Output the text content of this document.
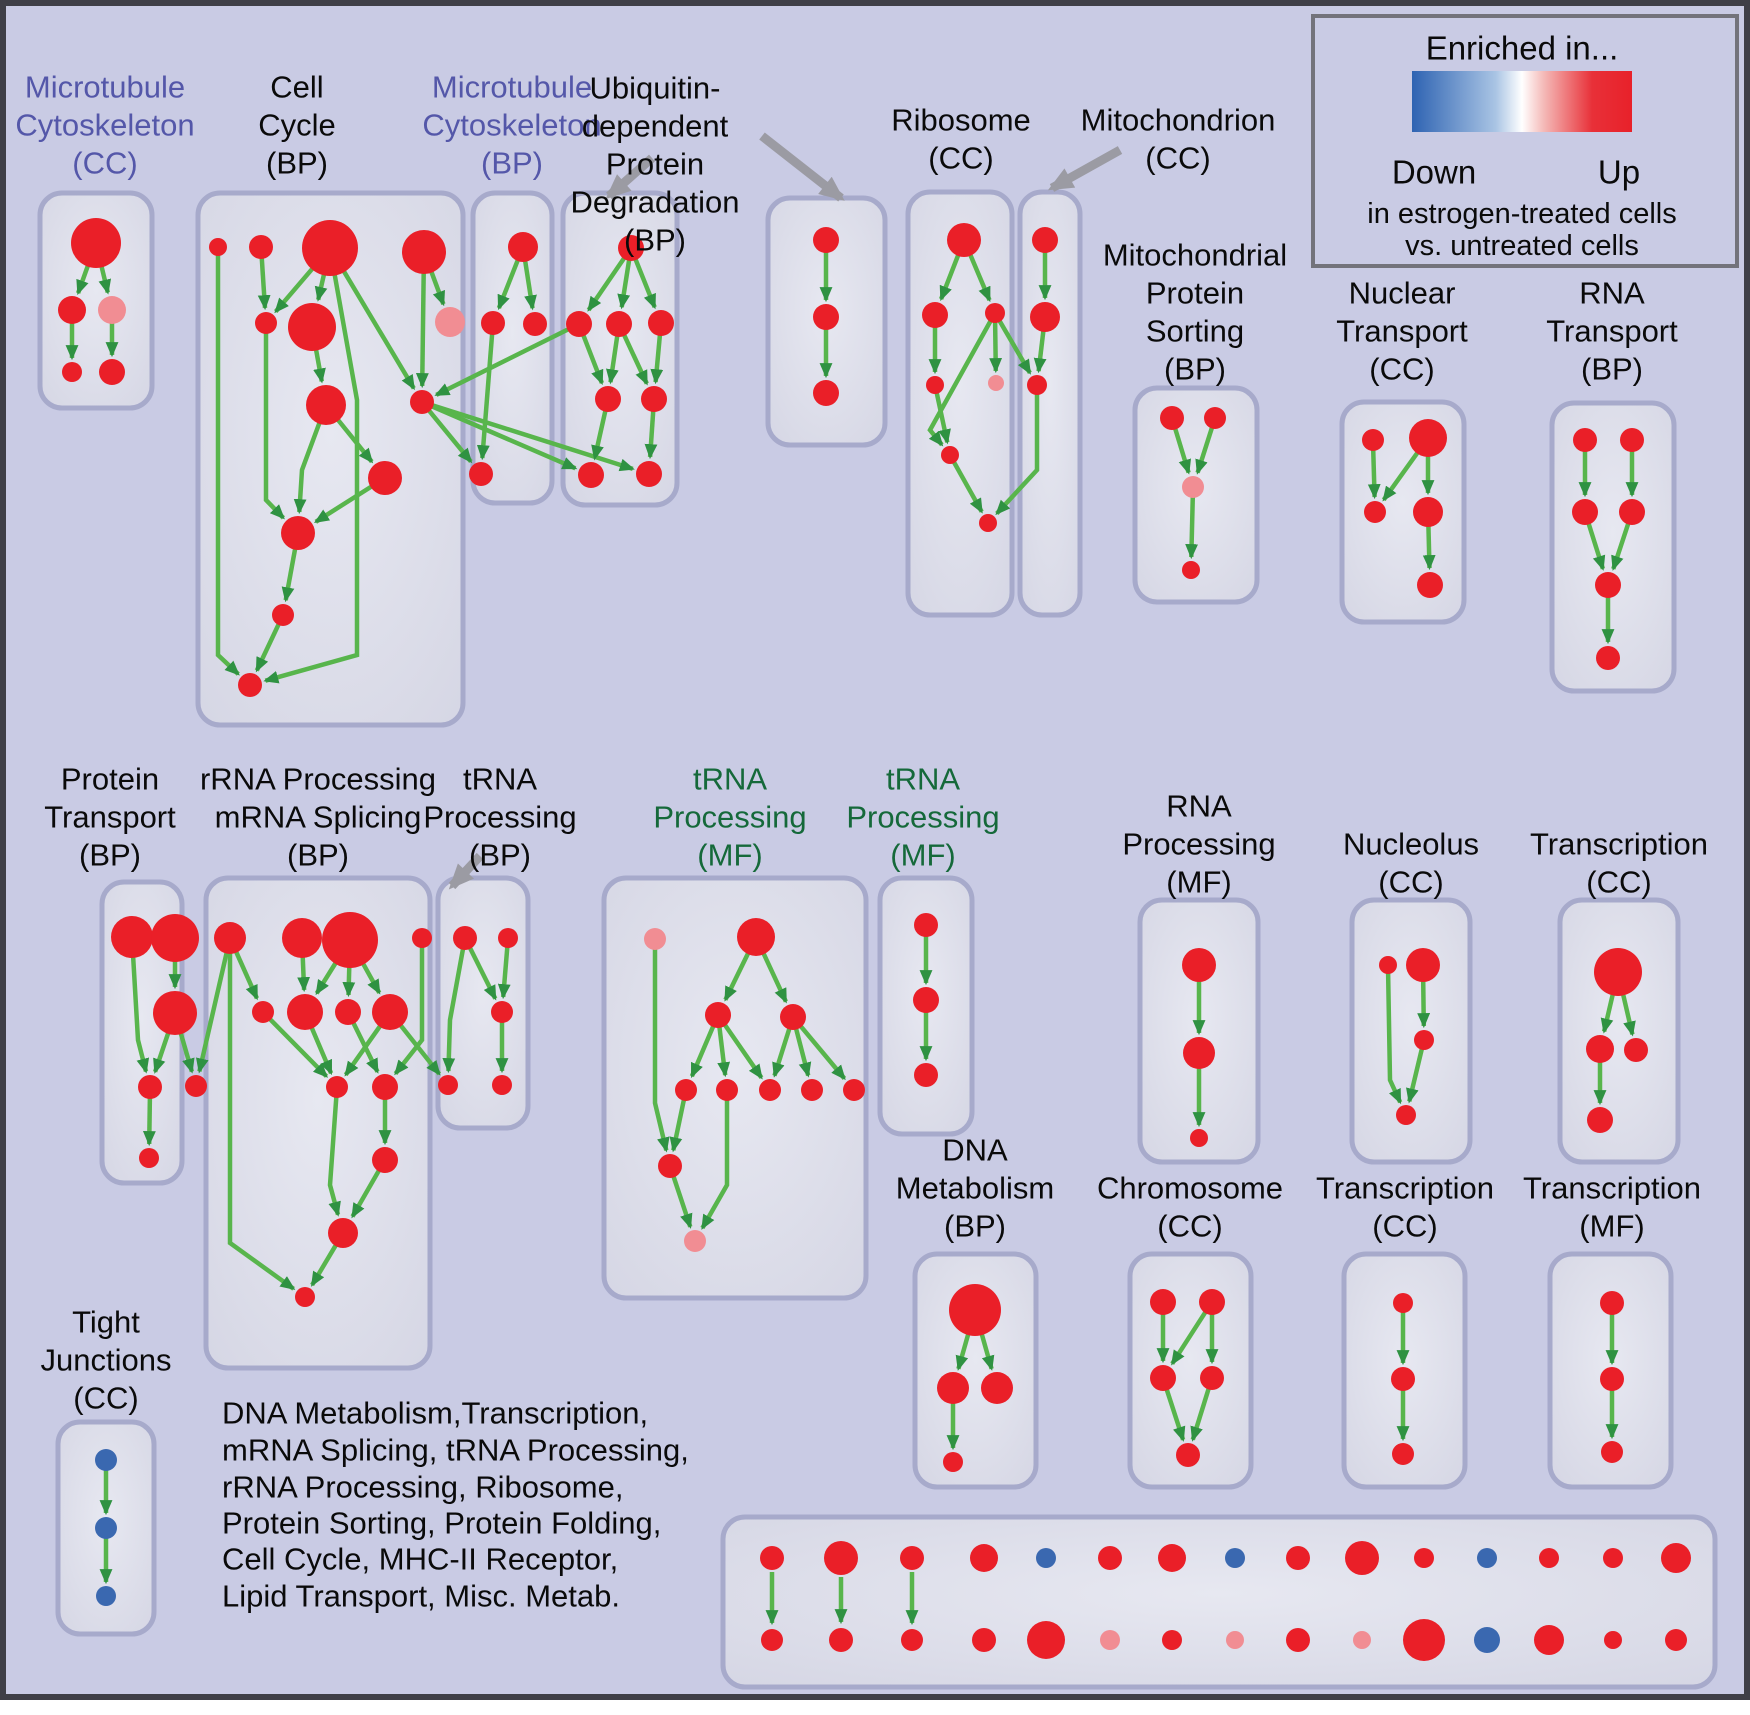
Microtubule
Cytoskeleton
(CC)
Cell
Cycle
(BP)
Microtubule
Cytoskeleton
(BP)
Ubiquitin-
dependent
Protein
Degradation
(BP)
Ribosome
(CC)
Mitochondrion
(CC)
Mitochondrial
Protein
Sorting
(BP)
Nuclear
Transport
(CC)
RNA
Transport
(BP)
Protein
Transport
(BP)
rRNA Processing
mRNA Splicing
(BP)
tRNA
Processing
(BP)
tRNA
Processing
(MF)
tRNA
Processing
(MF)
RNA
Processing
(MF)
Nucleolus
(CC)
Transcription
(CC)
DNA
Metabolism
(BP)
Chromosome
(CC)
Transcription
(CC)
Transcription
(MF)
Tight
Junctions
(CC)	DNA Metabolism,Transcription,
mRNA Splicing, tRNA Processing,
rRNA Processing, Ribosome,
Protein Sorting, Protein Folding,
Cell Cycle, MHC-II Receptor,
Lipid Transport, Misc. Metab.
Enriched in...
Down	Up
in estrogen-treated cells
vs. untreated cells
